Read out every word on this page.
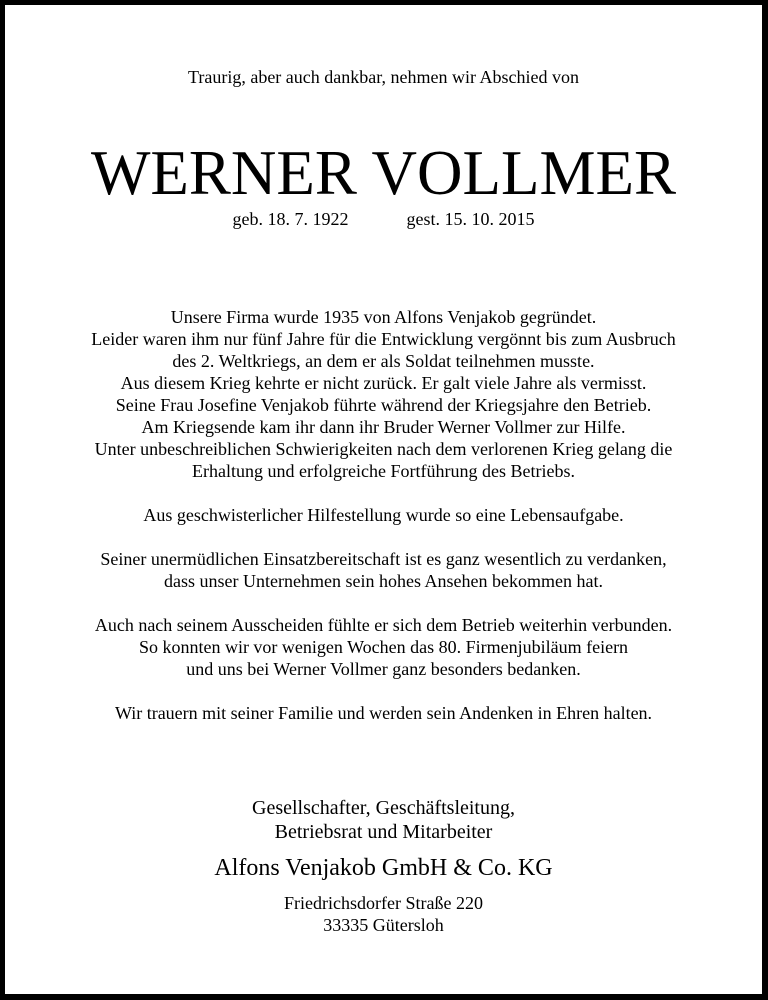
Traurig, aber auch dankbar, nehmen wir Abschied von
WERNER VOLLMER
geb. 18. 7. 1922	gest. 15. 10. 2015
Unsere Firma wurde 1935 von Alfons Venjakob gegründet.
Leider waren ihm nur fünf Jahre für die Entwicklung vergönnt bis zum Ausbruch
des 2. Weltkriegs, an dem er als Soldat teilnehmen musste.
Aus diesem Krieg kehrte er nicht zurück. Er galt viele Jahre als vermisst.
Seine Frau Josefine Venjakob führte während der Kriegsjahre den Betrieb.
Am Kriegsende kam ihr dann ihr Bruder Werner Vollmer zur Hilfe.
Unter unbeschreiblichen Schwierigkeiten nach dem verlorenen Krieg gelang die
Erhaltung und erfolgreiche Fortführung des Betriebs.
Aus geschwisterlicher Hilfestellung wurde so eine Lebensaufgabe.
Seiner unermüdlichen Einsatzbereitschaft ist es ganz wesentlich zu verdanken,
dass unser Unternehmen sein hohes Ansehen bekommen hat.
Auch nach seinem Ausscheiden fühlte er sich dem Betrieb weiterhin verbunden.
So konnten wir vor wenigen Wochen das 80. Firmenjubiläum feiern
und uns bei Werner Vollmer ganz besonders bedanken.
Wir trauern mit seiner Familie und werden sein Andenken in Ehren halten.
Gesellschafter, Geschäftsleitung,
Betriebsrat und Mitarbeiter
Alfons Venjakob GmbH & Co. KG
Friedrichsdorfer Straße 220
33335 Gütersloh
